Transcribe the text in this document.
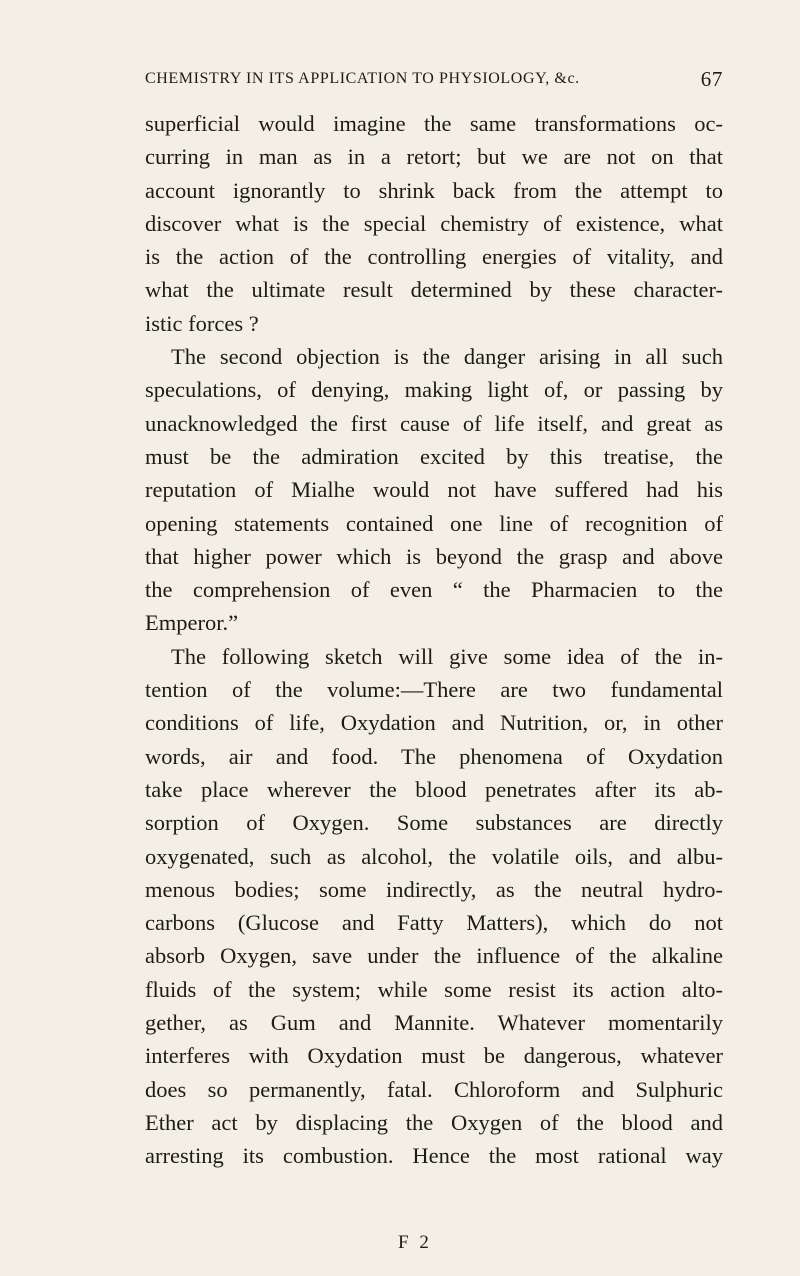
CHEMISTRY IN ITS APPLICATION TO PHYSIOLOGY, &c.	67
superficial would imagine the same transformations oc-
curring in man as in a retort; but we are not on that
account ignorantly to shrink back from the attempt to
discover what is the special chemistry of existence, what
is the action of the controlling energies of vitality, and
what the ultimate result determined by these character-
istic forces ?
The second objection is the danger arising in all such
speculations, of denying, making light of, or passing by
unacknowledged the first cause of life itself, and great as
must be the admiration excited by this treatise, the
reputation of Mialhe would not have suffered had his
opening statements contained one line of recognition of
that higher power which is beyond the grasp and above
the comprehension of even “ the Pharmacien to the
Emperor.”
The following sketch will give some idea of the in-
tention of the volume:—There are two fundamental
conditions of life, Oxydation and Nutrition, or, in other
words, air and food. The phenomena of Oxydation
take place wherever the blood penetrates after its ab-
sorption of Oxygen. Some substances are directly
oxygenated, such as alcohol, the volatile oils, and albu-
menous bodies; some indirectly, as the neutral hydro-
carbons (Glucose and Fatty Matters), which do not
absorb Oxygen, save under the influence of the alkaline
fluids of the system; while some resist its action alto-
gether, as Gum and Mannite. Whatever momentarily
interferes with Oxydation must be dangerous, whatever
does so permanently, fatal. Chloroform and Sulphuric
Ether act by displacing the Oxygen of the blood and
arresting its combustion. Hence the most rational way
F 2
